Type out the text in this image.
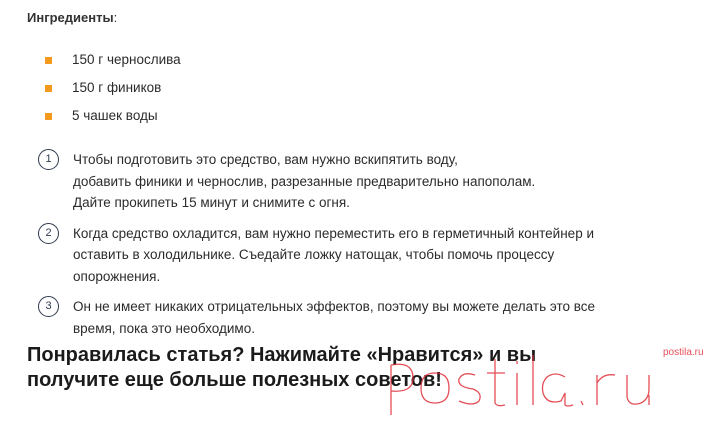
Ингредиенты:
150 г чернослива
150 г фиников
5 чашек воды
1	Чтобы подготовить это средство, вам нужно вскипятить воду,
добавить финики и чернослив, разрезанные предварительно напополам.
Дайте прокипеть 15 минут и снимите с огня.
2	Когда средство охладится, вам нужно переместить его в герметичный контейнер и
оставить в холодильнике. Съедайте ложку натощак, чтобы помочь процессу
опорожнения.
3	Он не имеет никаких отрицательных эффектов, поэтому вы можете делать это все
время, пока это необходимо.
Понравилась статья? Нажимайте «Нравится» и вы
получите еще больше полезных советов!
postila.ru
